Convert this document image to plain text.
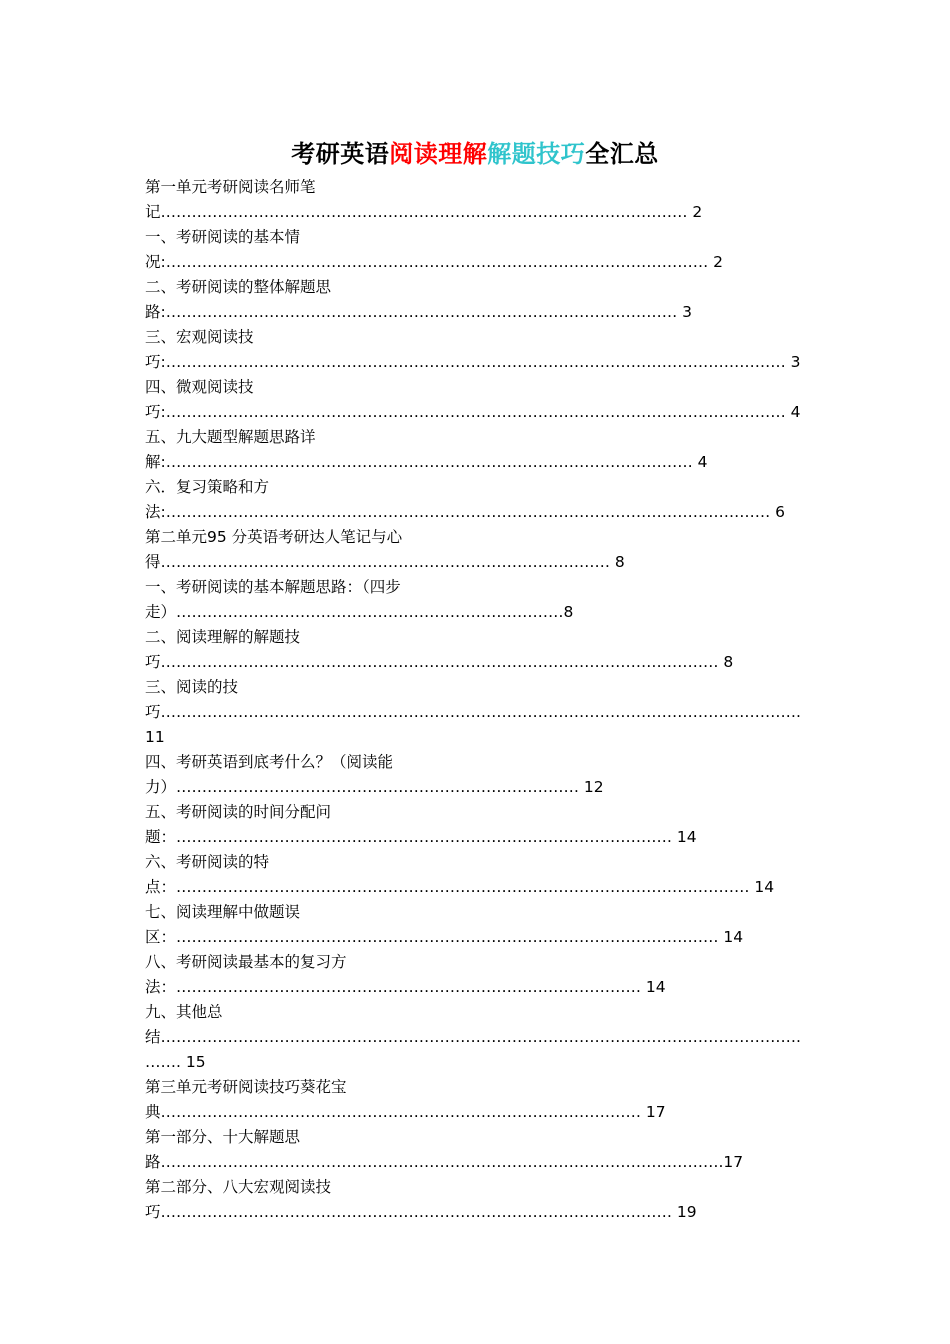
考研英语阅读理解解题技巧全汇总
第一单元考研阅读名师笔
记………………………………………………………………………………………… 2
一、考研阅读的基本情
况:…………………………………………………………………………………………… 2
二、考研阅读的整体解题思
路:……………………………………………………………………………………… 3
三、宏观阅读技
巧:………………………………………………………………………………………………………… 3
四、微观阅读技
巧:………………………………………………………………………………………………………… 4
五、九大题型解题思路详
解:………………………………………………………………………………………… 4
六．复习策略和方
法:……………………………………………………………………………………………………… 6
第二单元95 分英语考研达人笔记与心
得…………………………………………………………………………… 8
一、考研阅读的基本解题思路：（四步
走）…………………………………………………………………8
二、阅读理解的解题技
巧……………………………………………………………………………………………… 8
三、阅读的技
巧…………………………………………………………………………………………………………….
11
四、考研英语到底考什么？（阅读能
力）…………………………………………………………………… 12
五、考研阅读的时间分配问
题：…………………………………………………………………………………… 14
六、考研阅读的特
点：………………………………………………………………………………………………… 14
七、阅读理解中做题误
区：…………………………………………………………………………………………… 14
八、考研阅读最基本的复习方
法：……………………………………………………………………………… 14
九、其他总
结…………………………………………………………………………………………………………….
……. 15
第三单元考研阅读技巧葵花宝
典………………………………………………………………………………… 17
第一部分、十大解题思
路……………………………………………………………………………………………….17
第二部分、八大宏观阅读技
巧……………………………………………………………………………………… 19
